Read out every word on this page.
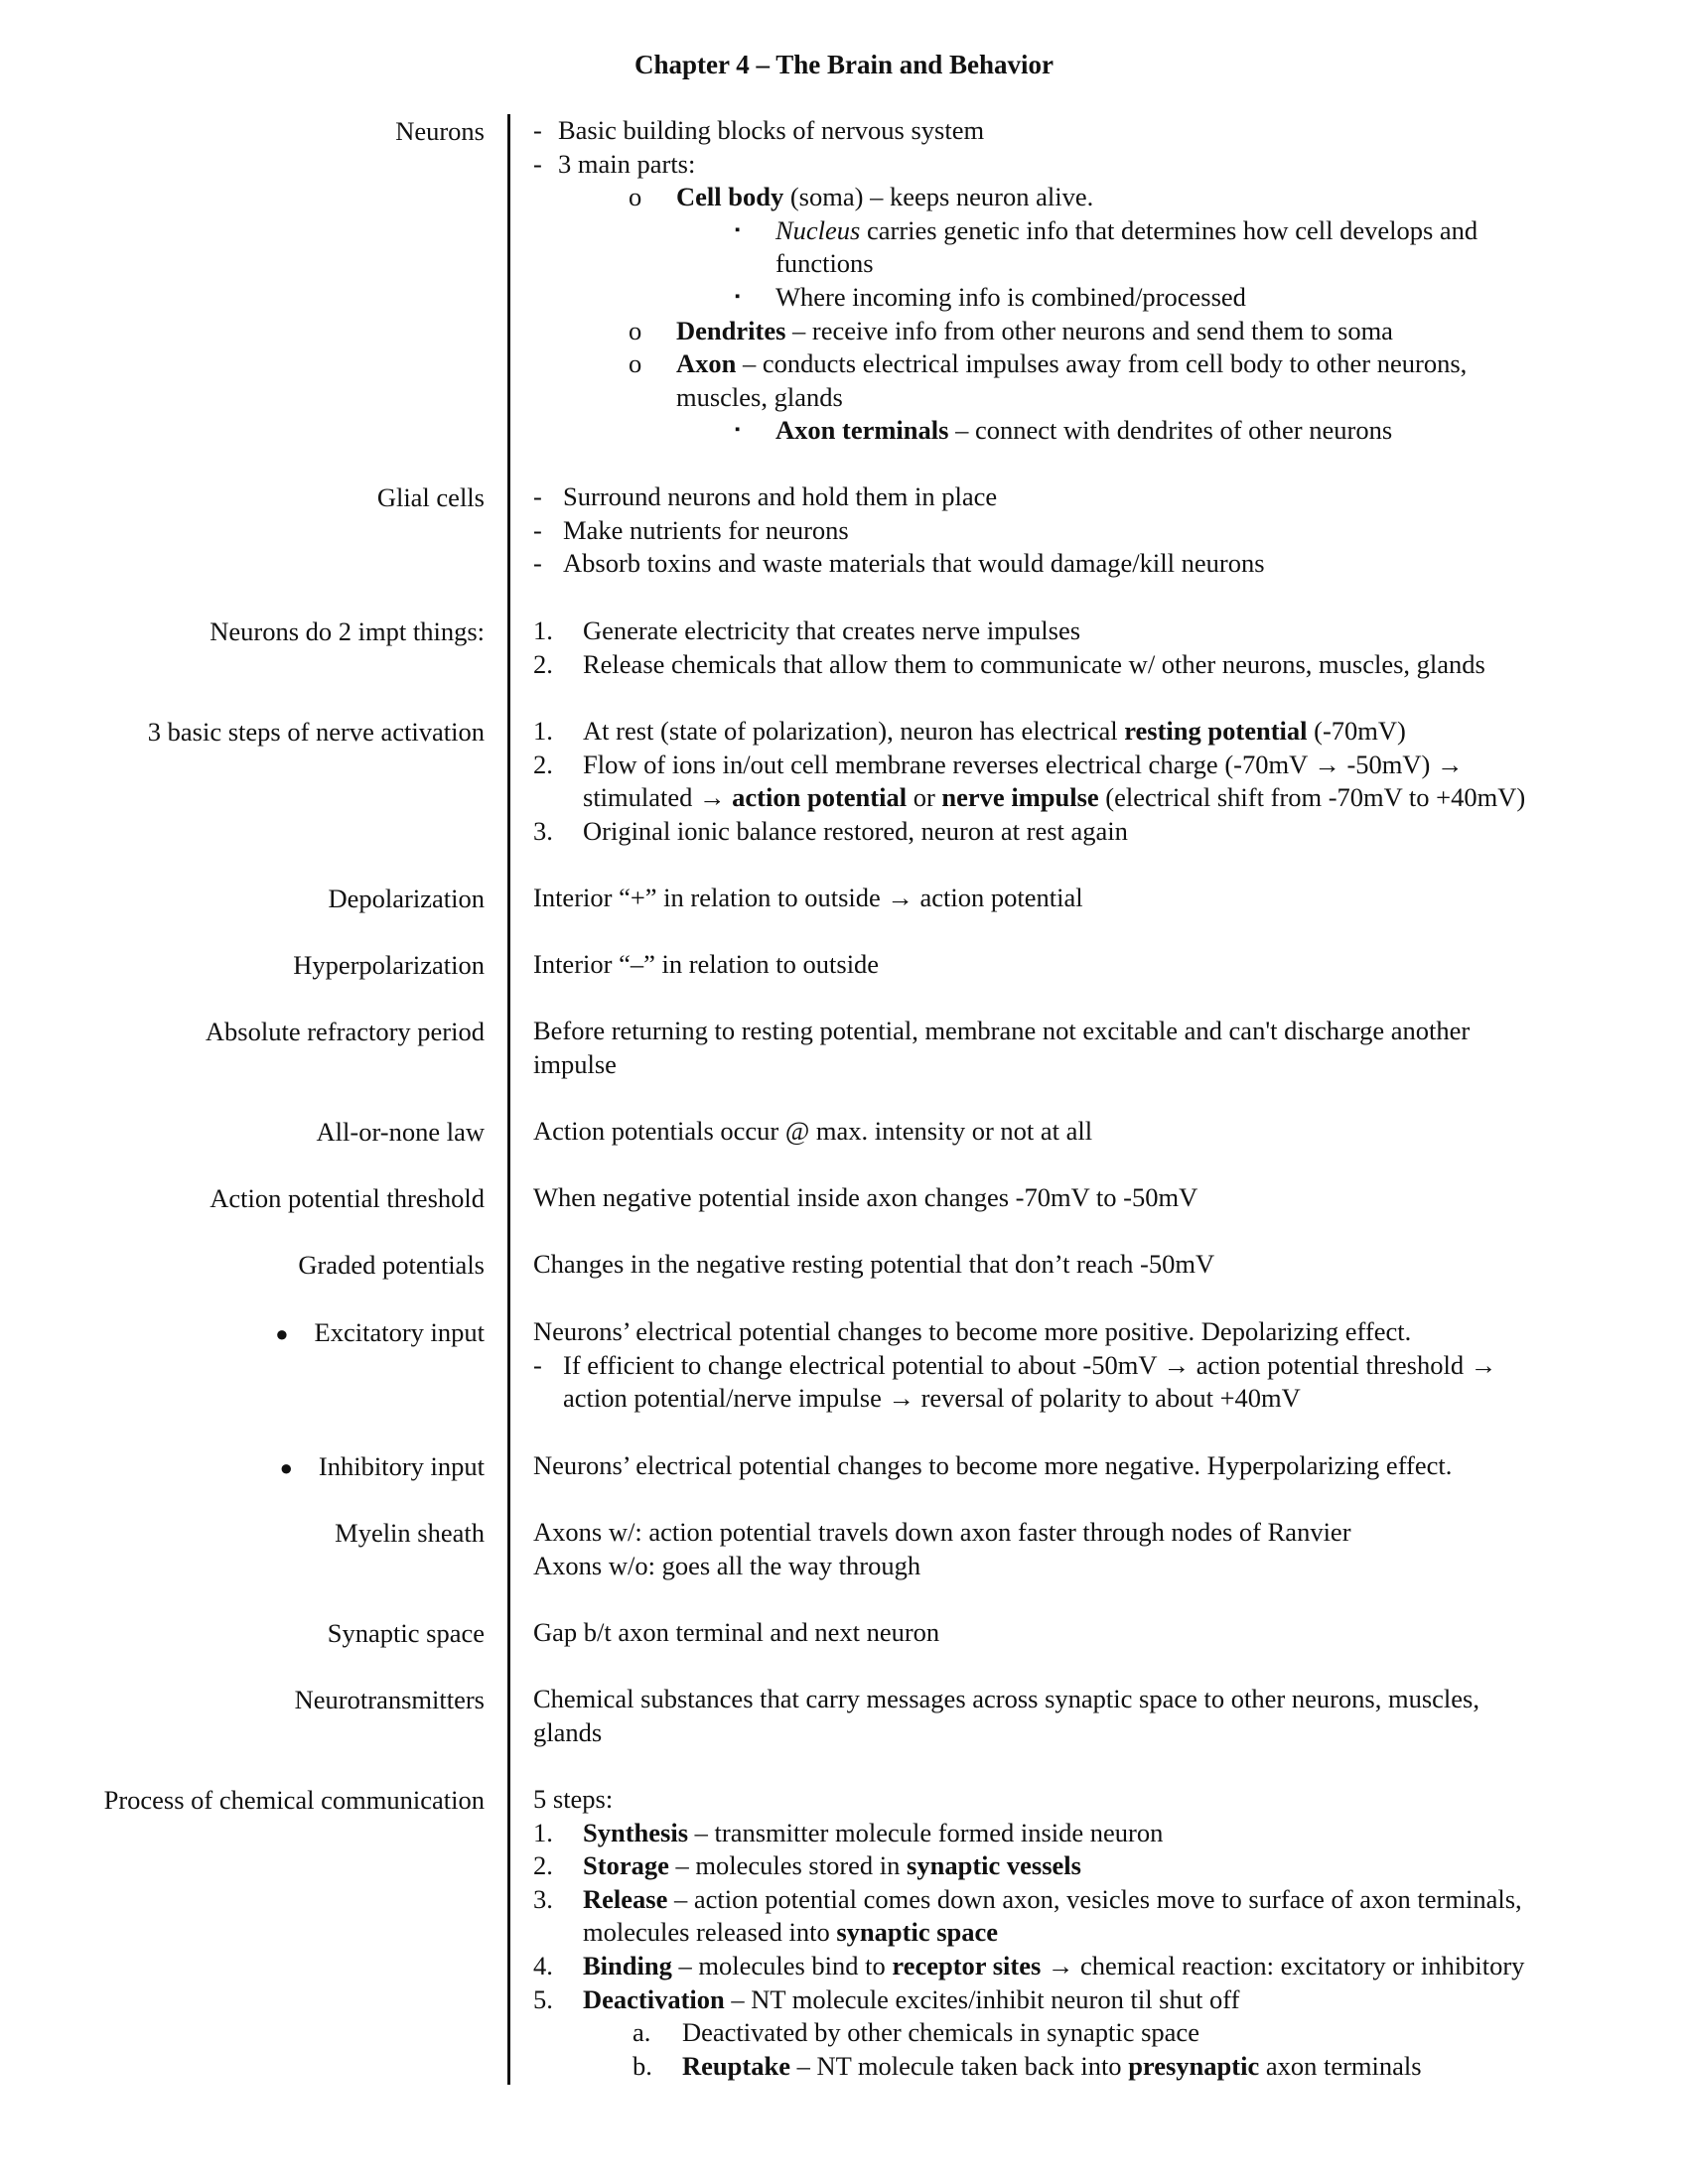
Chapter 4 – The Brain and Behavior
Neurons - Basic building blocks of nervous system
- 3 main parts:
o Cell body (soma) – keeps neuron alive.
▪ Nucleus carries genetic info that determines how cell develops and
functions
▪ Where incoming info is combined/processed
o Dendrites – receive info from other neurons and send them to soma
o Axon – conducts electrical impulses away from cell body to other neurons,
muscles, glands
▪ Axon terminals – connect with dendrites of other neurons
Glial cells - Surround neurons and hold them in place
- Make nutrients for neurons
- Absorb toxins and waste materials that would damage/kill neurons
Neurons do 2 impt things: 1. Generate electricity that creates nerve impulses
2. Release chemicals that allow them to communicate w/ other neurons, muscles, glands
3 basic steps of nerve activation 1. At rest (state of polarization), neuron has electrical resting potential (-70mV)
2. Flow of ions in/out cell membrane reverses electrical charge (-70mV → -50mV) →
stimulated → action potential or nerve impulse (electrical shift from -70mV to +40mV)
3. Original ionic balance restored, neuron at rest again
Depolarization Interior “+” in relation to outside → action potential
Hyperpolarization Interior “–” in relation to outside
Absolute refractory period Before returning to resting potential, membrane not excitable and can't discharge another
impulse
All-or-none law Action potentials occur @ max. intensity or not at all
Action potential threshold When negative potential inside axon changes -70mV to -50mV
Graded potentials Changes in the negative resting potential that don’t reach -50mV
● Excitatory input Neurons’ electrical potential changes to become more positive. Depolarizing effect.
- If efficient to change electrical potential to about -50mV → action potential threshold →
action potential/nerve impulse → reversal of polarity to about +40mV
● Inhibitory input Neurons’ electrical potential changes to become more negative. Hyperpolarizing effect.
Myelin sheath Axons w/: action potential travels down axon faster through nodes of Ranvier
Axons w/o: goes all the way through
Synaptic space Gap b/t axon terminal and next neuron
Neurotransmitters Chemical substances that carry messages across synaptic space to other neurons, muscles,
glands
Process of chemical communication 5 steps:
1. Synthesis – transmitter molecule formed inside neuron
2. Storage – molecules stored in synaptic vessels
3. Release – action potential comes down axon, vesicles move to surface of axon terminals,
molecules released into synaptic space
4. Binding – molecules bind to receptor sites → chemical reaction: excitatory or inhibitory
5. Deactivation – NT molecule excites/inhibit neuron til shut off
a. Deactivated by other chemicals in synaptic space
b. Reuptake – NT molecule taken back into presynaptic axon terminals
